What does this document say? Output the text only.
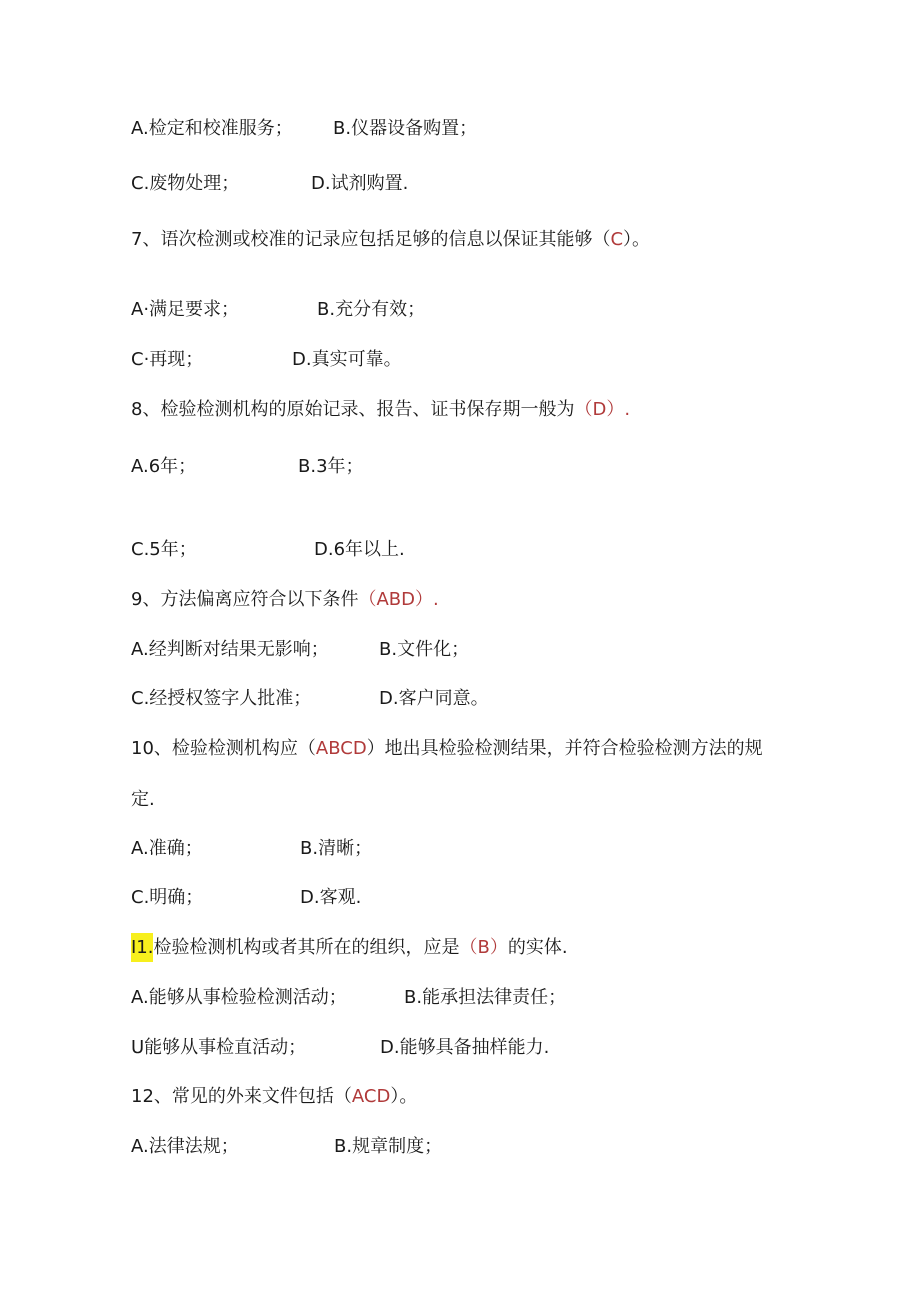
A.检定和校准服务； B.仪器设备购置；
C.废物处理；	D.试剂购置.
7、语次检测或校准的记录应包括足够的信息以保证其能够（C）。
A·满足要求；	B.充分有效；
C·再现；	D.真实可靠。
8、检验检测机构的原始记录、报告、证书保存期一般为（D）.
A.6年；	B.3年；
C.5年；	D.6年以上.
9、方法偏离应符合以下条件（ABD）.
A.经判断对结果无影响；	B.文件化；
C.经授权签字人批准；	D.客户同意。
10、检验检测机构应（ABCD）地出具检验检测结果，并符合检验检测方法的规
定.
A.准确；	B.清晰；
C.明确；	D.客观.
I1.检验检测机构或者其所在的组织，应是（B）的实体.
A.能够从事检验检测活动；	B.能承担法律责任；
U能够从事检直活动；	D.能够具备抽样能力.
12、常见的外来文件包括（ACD）。
A.法律法规；	B.规章制度；
